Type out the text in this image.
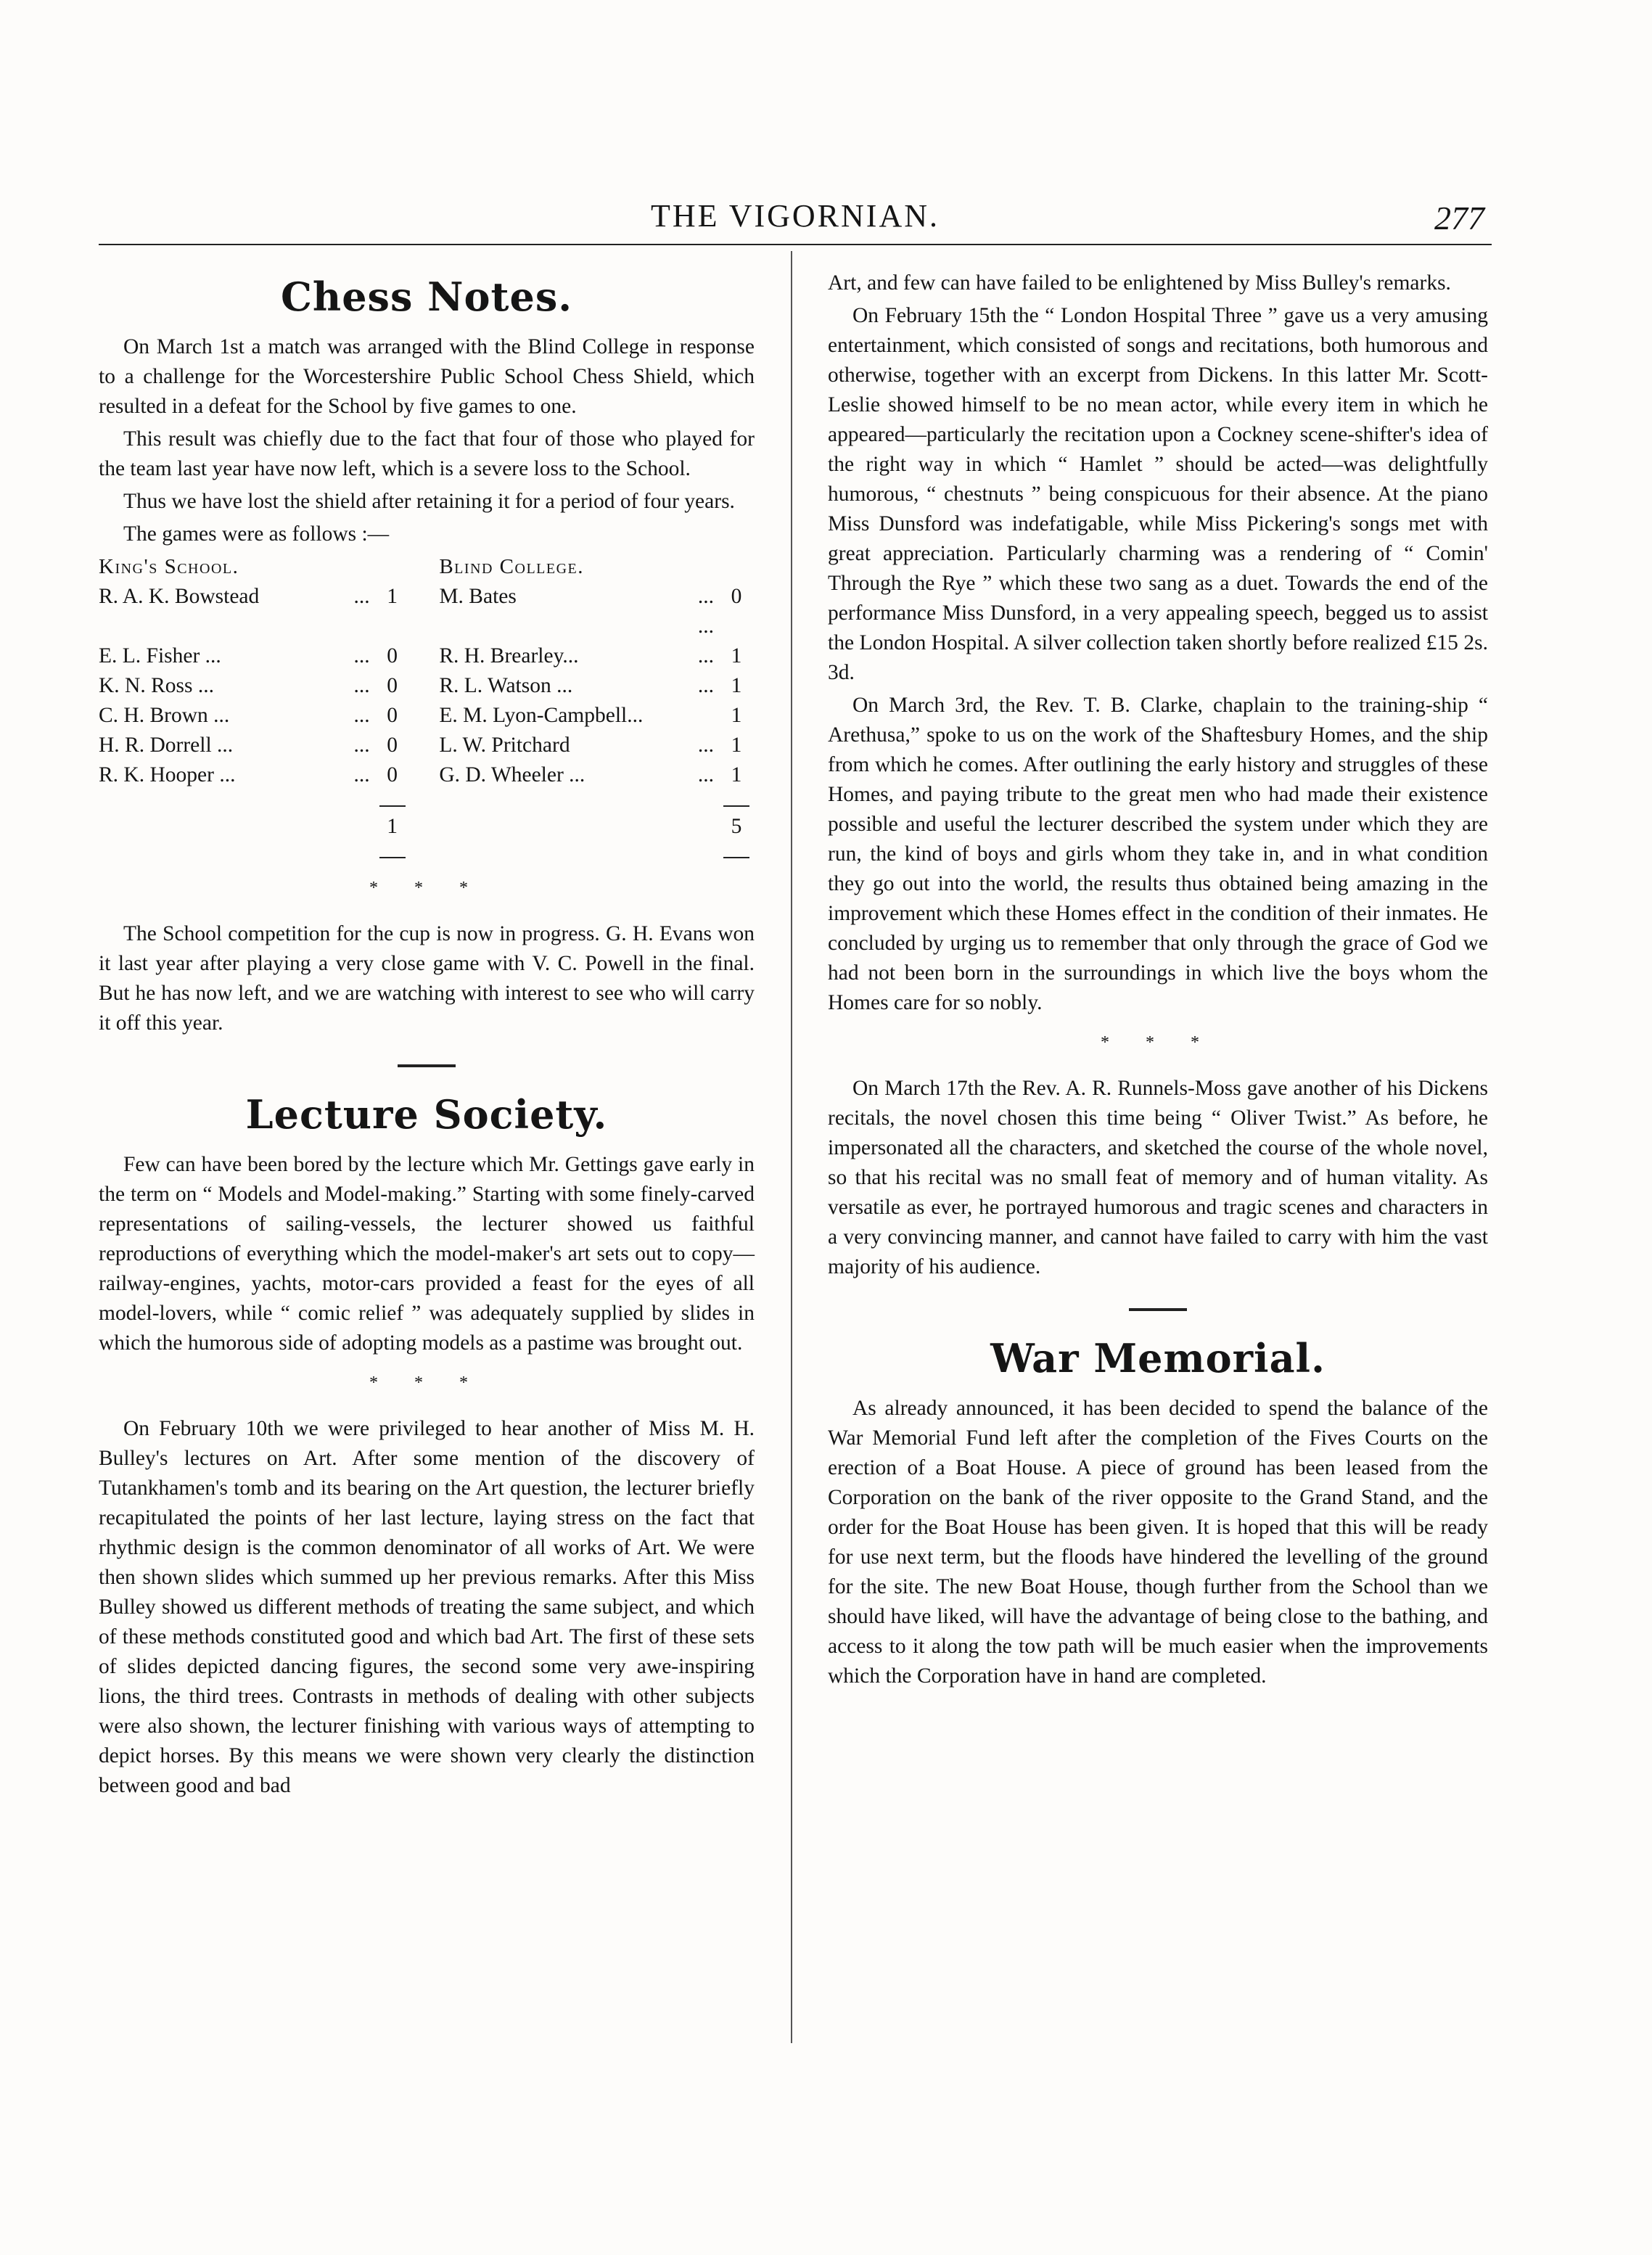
THE VIGORNIAN.	277
Chess Notes.

On March 1st a match was arranged with the Blind College in response to a challenge for the Worcestershire Public School Chess Shield, which resulted in a defeat for the School by five games to one.

This result was chiefly due to the fact that four of those who played for the team last year have now left, which is a severe loss to the School.

Thus we have lost the shield after retaining it for a period of four years.

The games were as follows :—

King's School.				Blind College.		
R. A. K. Bowstead	...	1		M. Bates	... ...	0
E. L. Fisher ...	...	0		R. H. Brearley...	...	1
K. N. Ross ...	...	0		R. L. Watson ...	...	1
C. H. Brown ...	...	0		E. M. Lyon-Campbell...		1
H. R. Dorrell ...	...	0		L. W. Pritchard	...	1
R. K. Hooper ...	...	0		G. D. Wheeler ...	...	1

		1				5

* * *

The School competition for the cup is now in progress. G. H. Evans won it last year after playing a very close game with V. C. Powell in the final. But he has now left, and we are watching with interest to see who will carry it off this year.

Lecture Society.

Few can have been bored by the lecture which Mr. Gettings gave early in the term on “ Models and Model-making.” Starting with some finely-carved representations of sailing-vessels, the lecturer showed us faithful reproductions of everything which the model-maker's art sets out to copy—railway-engines, yachts, motor-cars provided a feast for the eyes of all model-lovers, while “ comic relief ” was adequately supplied by slides in which the humorous side of adopting models as a pastime was brought out.

* * *

On February 10th we were privileged to hear another of Miss M. H. Bulley's lectures on Art. After some mention of the discovery of Tutankhamen's tomb and its bearing on the Art question, the lecturer briefly recapitulated the points of her last lecture, laying stress on the fact that rhythmic design is the common denominator of all works of Art. We were then shown slides which summed up her previous remarks. After this Miss Bulley showed us different methods of treating the same subject, and which of these methods constituted good and which bad Art. The first of these sets of slides depicted dancing figures, the second some very awe-inspiring lions, the third trees. Contrasts in methods of dealing with other subjects were also shown, the lecturer finishing with various ways of attempting to depict horses. By this means we were shown very clearly the distinction between good and bad

Art, and few can have failed to be enlightened by Miss Bulley's remarks.

On February 15th the “ London Hospital Three ” gave us a very amusing entertainment, which consisted of songs and recitations, both humorous and otherwise, together with an excerpt from Dickens. In this latter Mr. Scott-Leslie showed himself to be no mean actor, while every item in which he appeared—particularly the recitation upon a Cockney scene-shifter's idea of the right way in which “ Hamlet ” should be acted—was delightfully humorous, “ chestnuts ” being conspicuous for their absence. At the piano Miss Dunsford was indefatigable, while Miss Pickering's songs met with great appreciation. Particularly charming was a rendering of “ Comin' Through the Rye ” which these two sang as a duet. Towards the end of the performance Miss Dunsford, in a very appealing speech, begged us to assist the London Hospital. A silver collection taken shortly before realized £15 2s. 3d.

On March 3rd, the Rev. T. B. Clarke, chaplain to the training-ship “ Arethusa,” spoke to us on the work of the Shaftesbury Homes, and the ship from which he comes. After outlining the early history and struggles of these Homes, and paying tribute to the great men who had made their existence possible and useful the lecturer described the system under which they are run, the kind of boys and girls whom they take in, and in what condition they go out into the world, the results thus obtained being amazing in the improvement which these Homes effect in the condition of their inmates. He concluded by urging us to remember that only through the grace of God we had not been born in the surroundings in which live the boys whom the Homes care for so nobly.

* * *

On March 17th the Rev. A. R. Runnels-Moss gave another of his Dickens recitals, the novel chosen this time being “ Oliver Twist.” As before, he impersonated all the characters, and sketched the course of the whole novel, so that his recital was no small feat of memory and of human vitality. As versatile as ever, he portrayed humorous and tragic scenes and characters in a very convincing manner, and cannot have failed to carry with him the vast majority of his audience.

War Memorial.

As already announced, it has been decided to spend the balance of the War Memorial Fund left after the completion of the Fives Courts on the erection of a Boat House. A piece of ground has been leased from the Corporation on the bank of the river opposite to the Grand Stand, and the order for the Boat House has been given. It is hoped that this will be ready for use next term, but the floods have hindered the levelling of the ground for the site. The new Boat House, though further from the School than we should have liked, will have the advantage of being close to the bathing, and access to it along the tow path will be much easier when the improvements which the Corporation have in hand are completed.
